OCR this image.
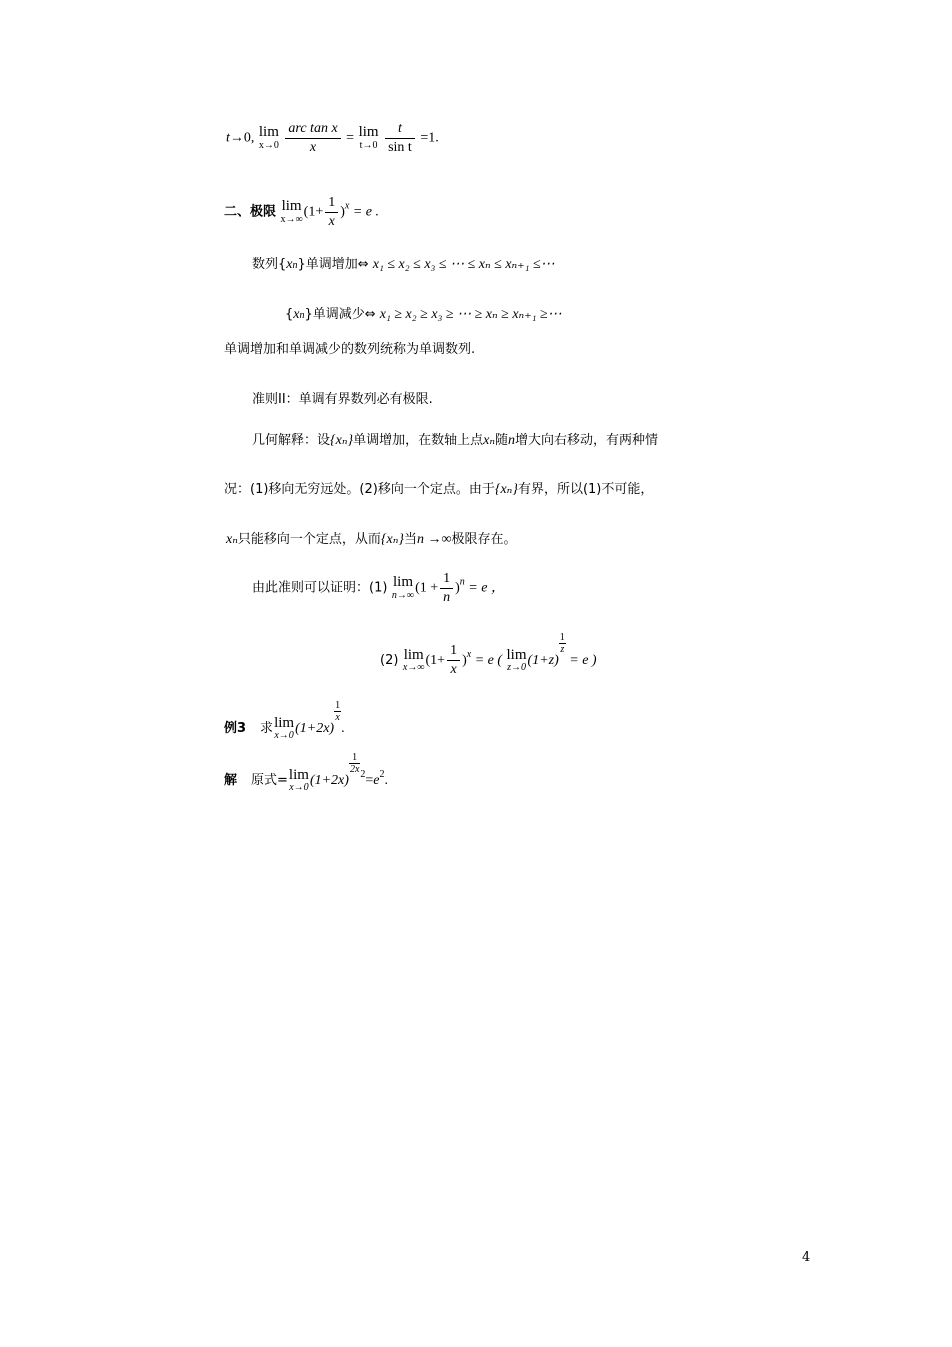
t→0, lim
x→0
$\frac{\text{arc tan x}}{x} = \lim$
t→0
$\frac{t}{\text{sin t}} =1$.
二、极限 lim
x→∞ $(1+ \frac{1}{x} )^x = e$ .
数列{xn}单调增加⇔ x₁ ≤ x₂ ≤ x₃ ≤ ⋯ ≤ xₙ ≤ xₙ₊₁ ≤⋯
{xn}单调减少⇔ x₁ ≥ x₂ ≥ x₃ ≥ ⋯ ≥ xₙ ≥ xₙ₊₁ ≥⋯
单调增加和单调减少的数列统称为单调数列.
准则II：单调有界数列必有极限.
几何解释：设{xₙ}单调增加，在数轴上点xₙ随n增大向右移动，有两种情
况：(1)移向无穷远处。(2)移向一个定点。由于{xₙ}有界，所以(1)不可能，
xₙ只能移向一个定点，从而{xₙ}当n →∞极限存在。
由此准则可以证明：(1) lim
n→∞ $(1 + \frac{1}{n} )^n = e$ ，
(2) lim
x→∞ $(1+ \frac{1}{x} )^x = e$ ( lim
z→0 (1+z)
$\frac{1}{z}$
= e )
例3 求 lim
x→0 (1+2x)
$\frac{1}{x}$
.
解 原式= lim
x→0 (1+2x)
$\frac{1}{2x} ^2=e^2$.
4
